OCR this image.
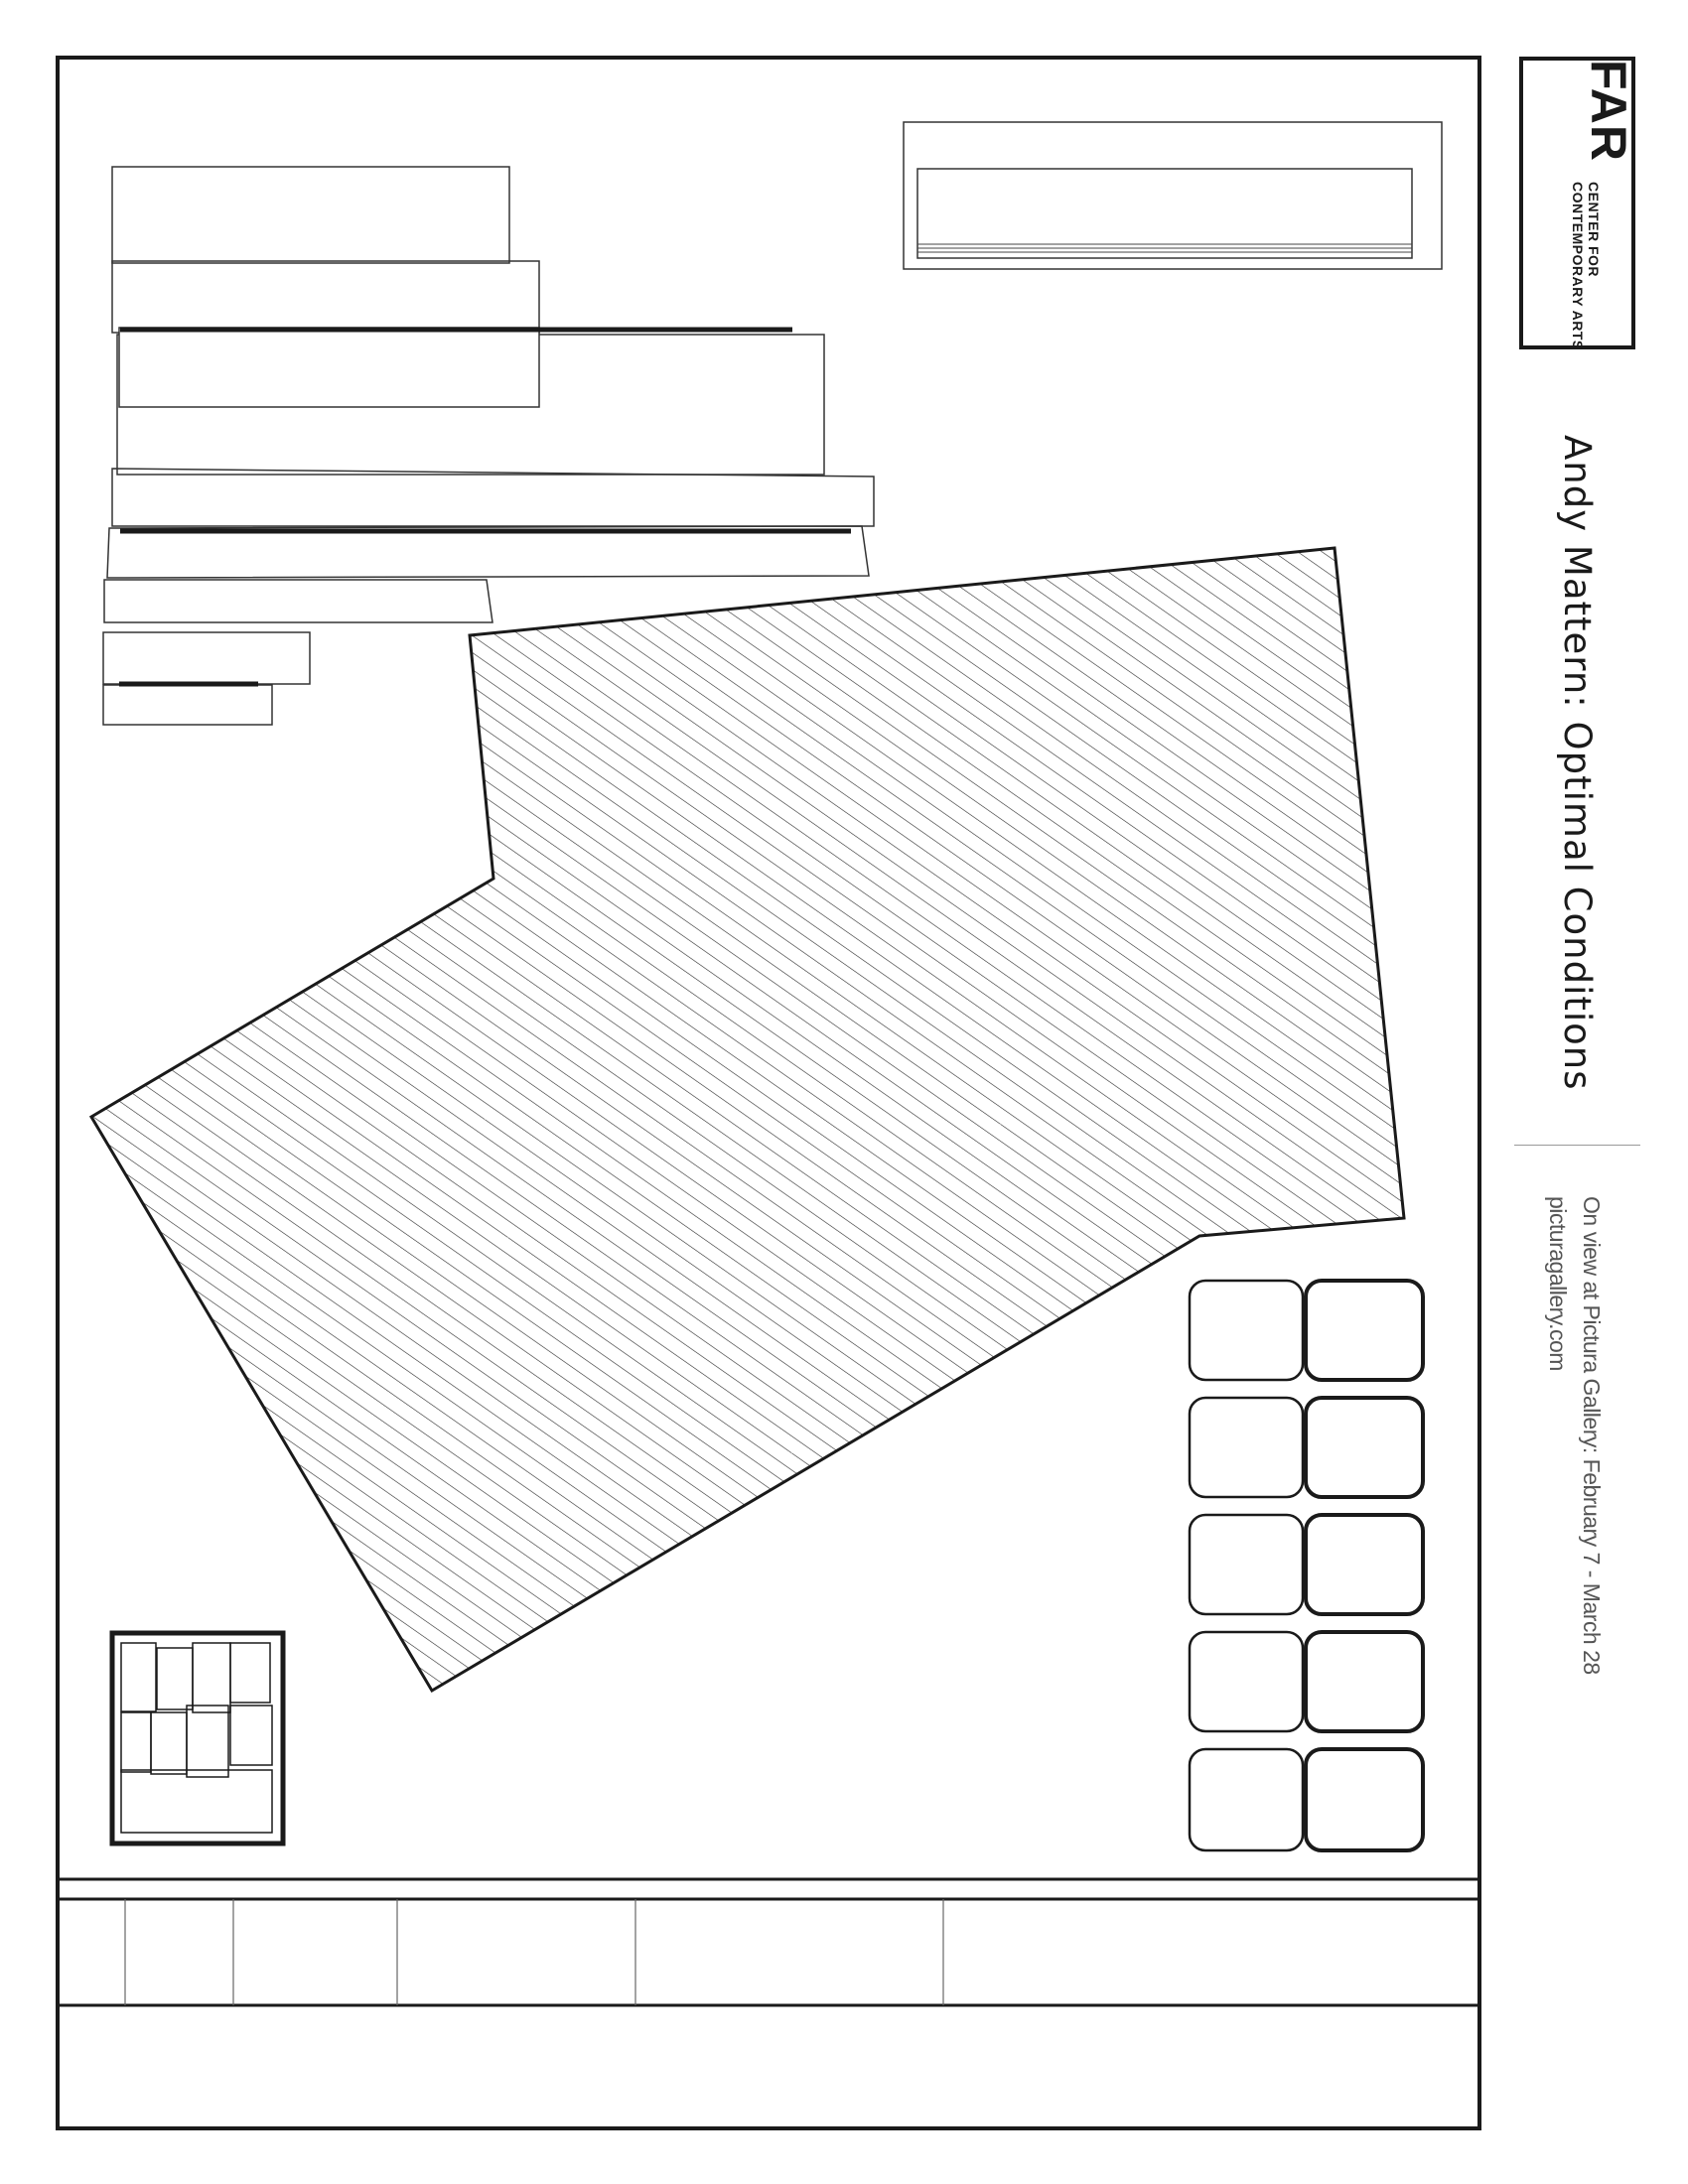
FAR
CENTER FOR
CONTEMPORARY ARTS
Andy Mattern: Optimal Conditions
On view at Pictura Gallery: February 7 - March 28
picturagallery.com
